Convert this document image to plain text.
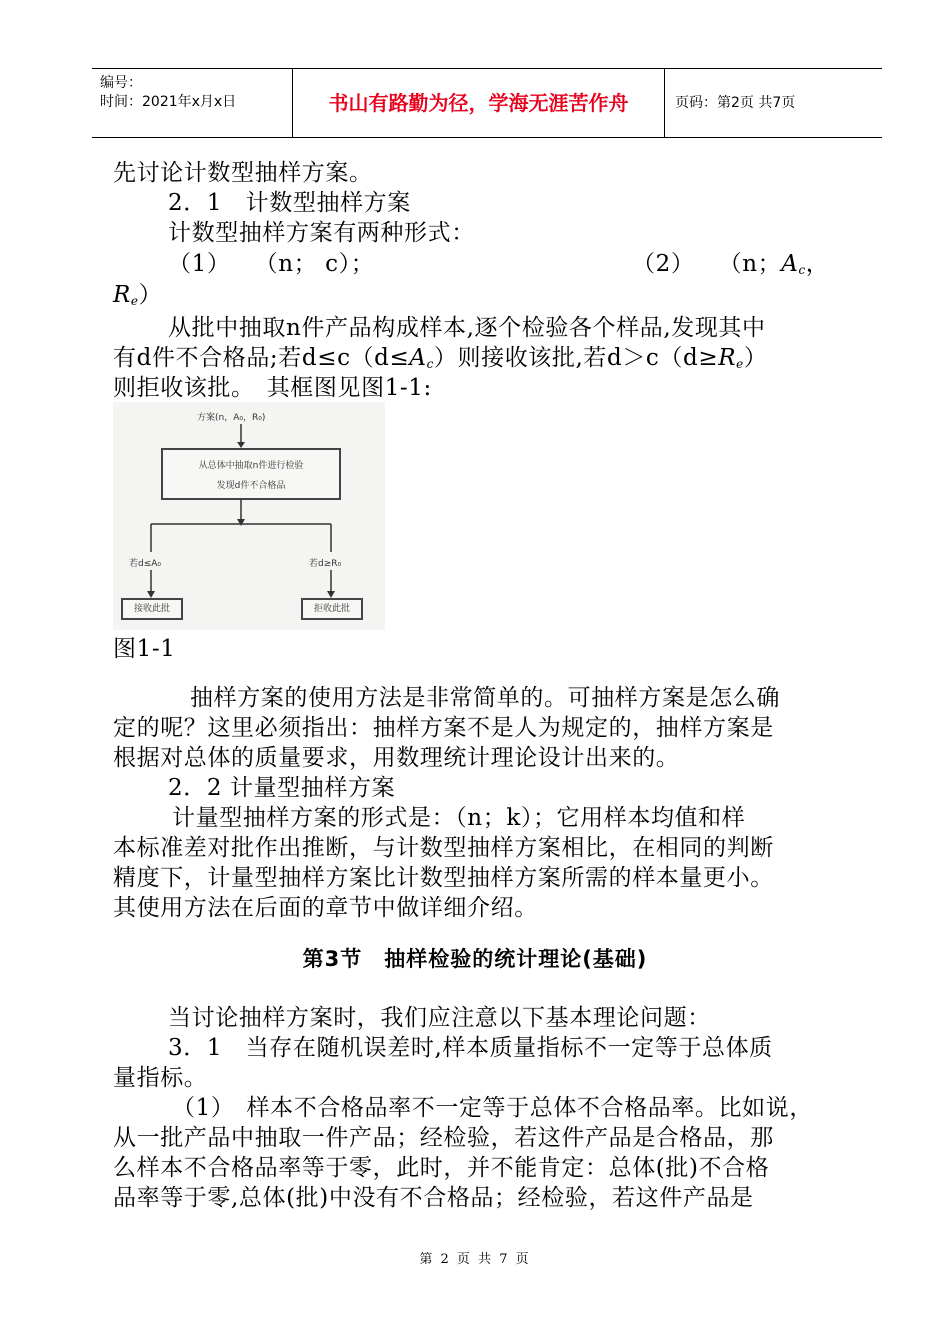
编号：
时间：2021年x月x日	书山有路勤为径，学海无涯苦作舟	页码：第2页 共7页
先讨论计数型抽样方案。
2．1　计数型抽样方案
计数型抽样方案有两种形式：
（1）　　（n； c）；	（2）　　（n；$A_c$，
$R_e$）
从批中抽取n件产品构成样本,逐个检验各个样品,发现其中
有d件不合格品;若$d\le c(d\le A_c)$则接收该批,若$d>c(d\ge R_e)$
则拒收该批。　其框图见图1-1:
方案(n，A₀，R₀)
从总体中抽取n件进行检验
发现d件不合格品
若d≤A₀	若d≥R₀
接收此批	拒收此批
图1-1
抽样方案的使用方法是非常简单的。可抽样方案是怎么确
定的呢？这里必须指出：抽样方案不是人为规定的，抽样方案是
根据对总体的质量要求，用数理统计理论设计出来的。
2．2 计量型抽样方案
计量型抽样方案的形式是：（n；k）；它用样本均值和样
本标准差对批作出推断，与计数型抽样方案相比，在相同的判断
精度下，计量型抽样方案比计数型抽样方案所需的样本量更小。
其使用方法在后面的章节中做详细介绍。
第3节　抽样检验的统计理论(基础)
当讨论抽样方案时，我们应注意以下基本理论问题：
3．1　当存在随机误差时,样本质量指标不一定等于总体质
量指标。
（1）　样本不合格品率不一定等于总体不合格品率。比如说，
从一批产品中抽取一件产品；经检验，若这件产品是合格品，那
么样本不合格品率等于零，此时，并不能肯定：总体(批)不合格
品率等于零,总体(批)中没有不合格品；经检验，若这件产品是
第 2 页 共 7 页
